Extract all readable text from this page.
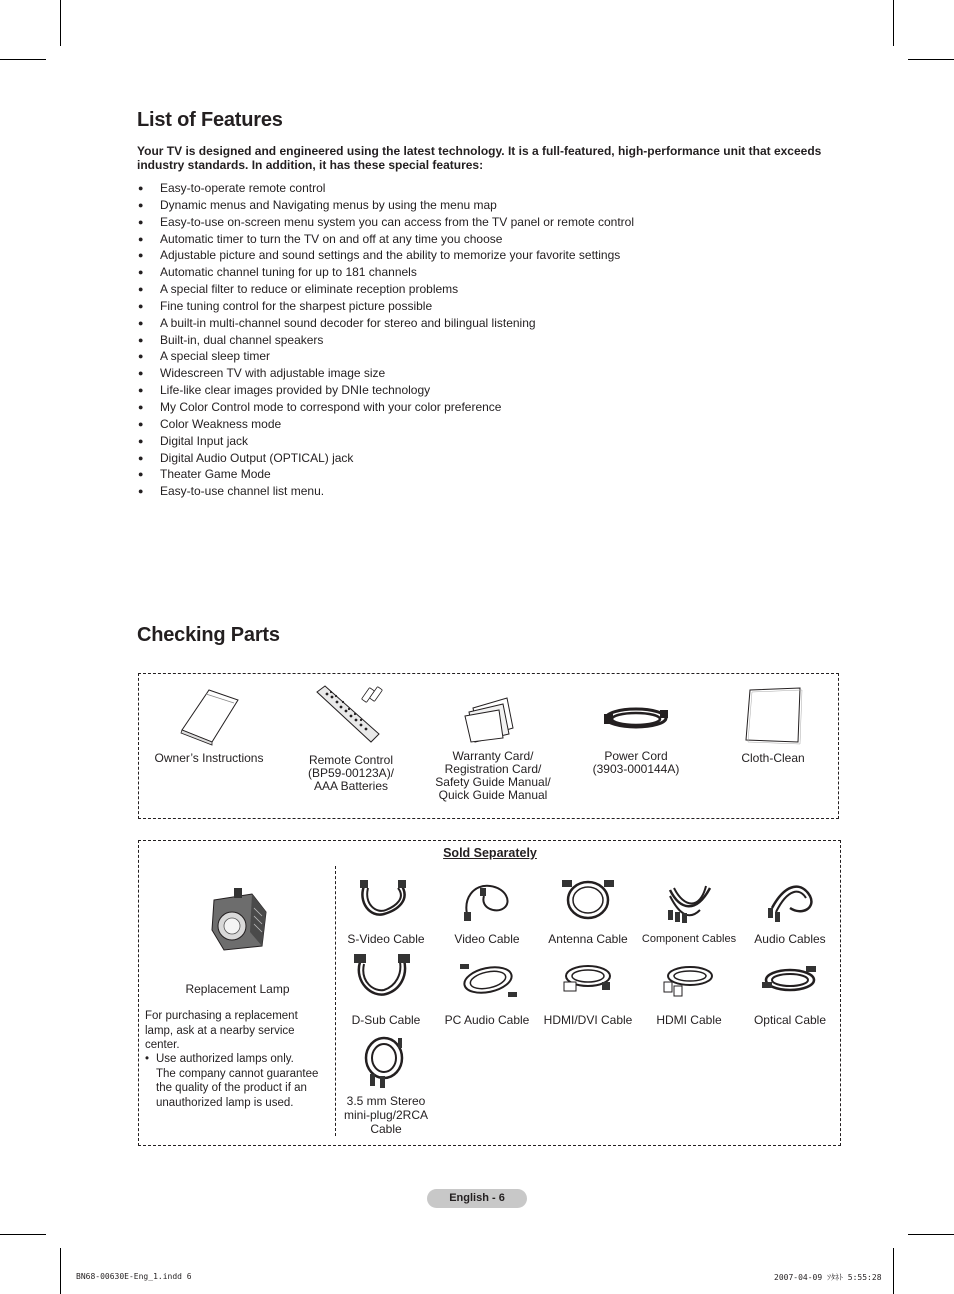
List of Features

Your TV is designed and engineered using the latest technology. It is a full-featured, high-performance unit that exceeds industry standards. In addition, it has these special features:

● Easy-to-operate remote control
● Dynamic menus and Navigating menus by using the menu map
● Easy-to-use on-screen menu system you can access from the TV panel or remote control
● Automatic timer to turn the TV on and off at any time you choose
● Adjustable picture and sound settings and the ability to memorize your favorite settings
● Automatic channel tuning for up to 181 channels
● A special filter to reduce or eliminate reception problems
● Fine tuning control for the sharpest picture possible
● A built-in multi-channel sound decoder for stereo and bilingual listening
● Built-in, dual channel speakers
● A special sleep timer
● Widescreen TV with adjustable image size
● Life-like clear images provided by DNIe technology
● My Color Control mode to correspond with your color preference
● Color Weakness mode
● Digital Input jack
● Digital Audio Output (OPTICAL) jack
● Theater Game Mode
● Easy-to-use channel list menu.
Checking Parts
Owner’s Instructions	Remote Control
(BP59-00123A)/
AAA Batteries
Warranty Card/
Registration Card/
Safety Guide Manual/
Quick Guide Manual
Power Cord
(3903-000144A)
Cloth-Clean
Sold Separately
Replacement Lamp
For purchasing a replacement lamp, ask at a nearby service center.
• Use authorized lamps only.
The company cannot guarantee the quality of the product if an unauthorized lamp is used.
S-Video Cable	Video Cable	Antenna Cable	Component Cables	Audio Cables
D-Sub Cable	PC Audio Cable	HDMI/DVI Cable	HDMI Cable	Optical Cable
3.5 mm Stereo
mini-plug/2RCA
Cable
English - 6
BN68-00630E-Eng_1.indd 6	2007-04-09 ｿﾀﾈﾄ 5:55:28
